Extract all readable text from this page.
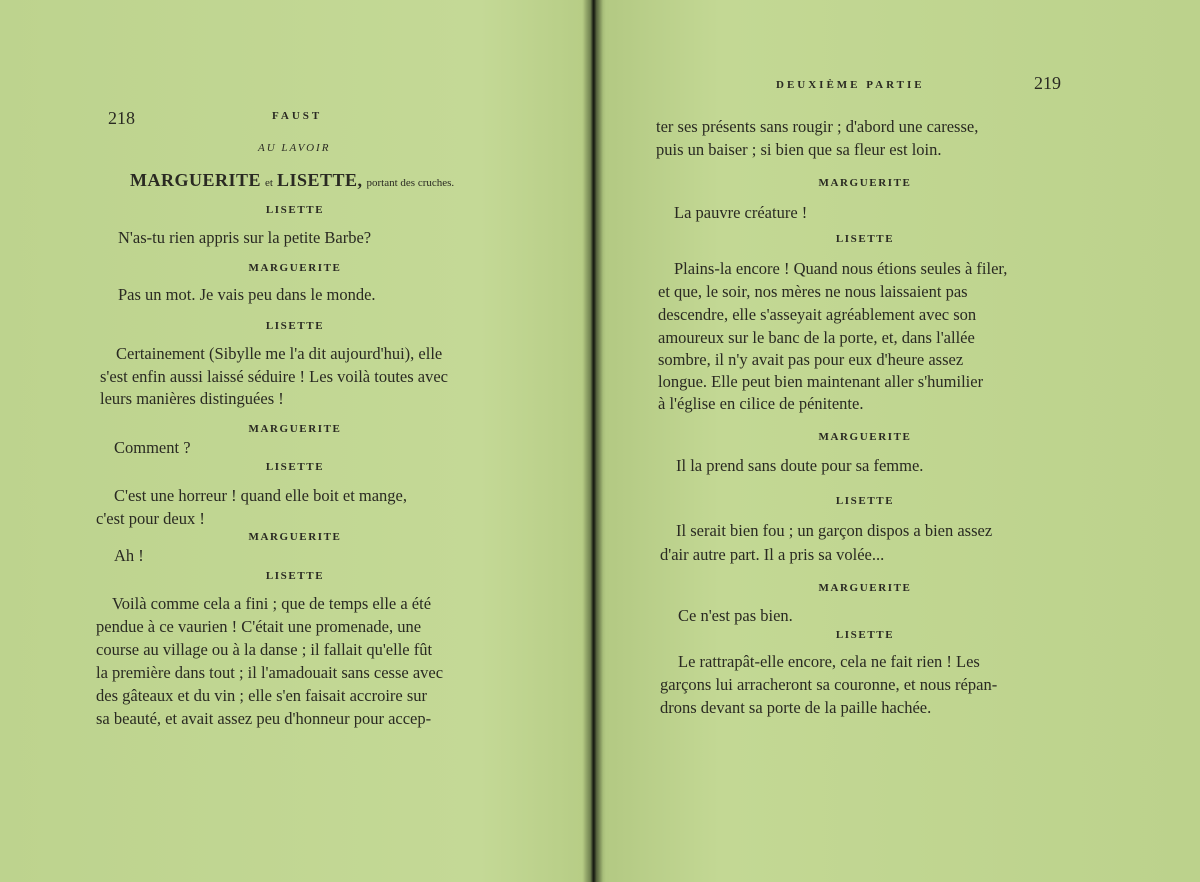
218	FAUST
AU LAVOIR
MARGUERITE et LISETTE, portant des cruches.
LISETTE
N'as-tu rien appris sur la petite Barbe?
MARGUERITE
Pas un mot. Je vais peu dans le monde.
LISETTE
Certainement (Sibylle me l'a dit aujourd'hui), elle
s'est enfin aussi laissé séduire ! Les voilà toutes avec
leurs manières distinguées !
MARGUERITE
Comment ?
LISETTE
C'est une horreur ! quand elle boit et mange,
c'est pour deux !
MARGUERITE
Ah !
LISETTE
Voilà comme cela a fini ; que de temps elle a été
pendue à ce vaurien ! C'était une promenade, une
course au village ou à la danse ; il fallait qu'elle fût
la première dans tout ; il l'amadouait sans cesse avec
des gâteaux et du vin ; elle s'en faisait accroire sur
sa beauté, et avait assez peu d'honneur pour accep-
DEUXIÈME PARTIE	219
ter ses présents sans rougir ; d'abord une caresse,
puis un baiser ; si bien que sa fleur est loin.
MARGUERITE
La pauvre créature !
LISETTE
Plains-la encore ! Quand nous étions seules à filer,
et que, le soir, nos mères ne nous laissaient pas
descendre, elle s'asseyait agréablement avec son
amoureux sur le banc de la porte, et, dans l'allée
sombre, il n'y avait pas pour eux d'heure assez
longue. Elle peut bien maintenant aller s'humilier
à l'église en cilice de pénitente.
MARGUERITE
Il la prend sans doute pour sa femme.
LISETTE
Il serait bien fou ; un garçon dispos a bien assez
d'air autre part. Il a pris sa volée...
MARGUERITE
Ce n'est pas bien.
LISETTE
Le rattrapât-elle encore, cela ne fait rien ! Les
garçons lui arracheront sa couronne, et nous répan-
drons devant sa porte de la paille hachée.
